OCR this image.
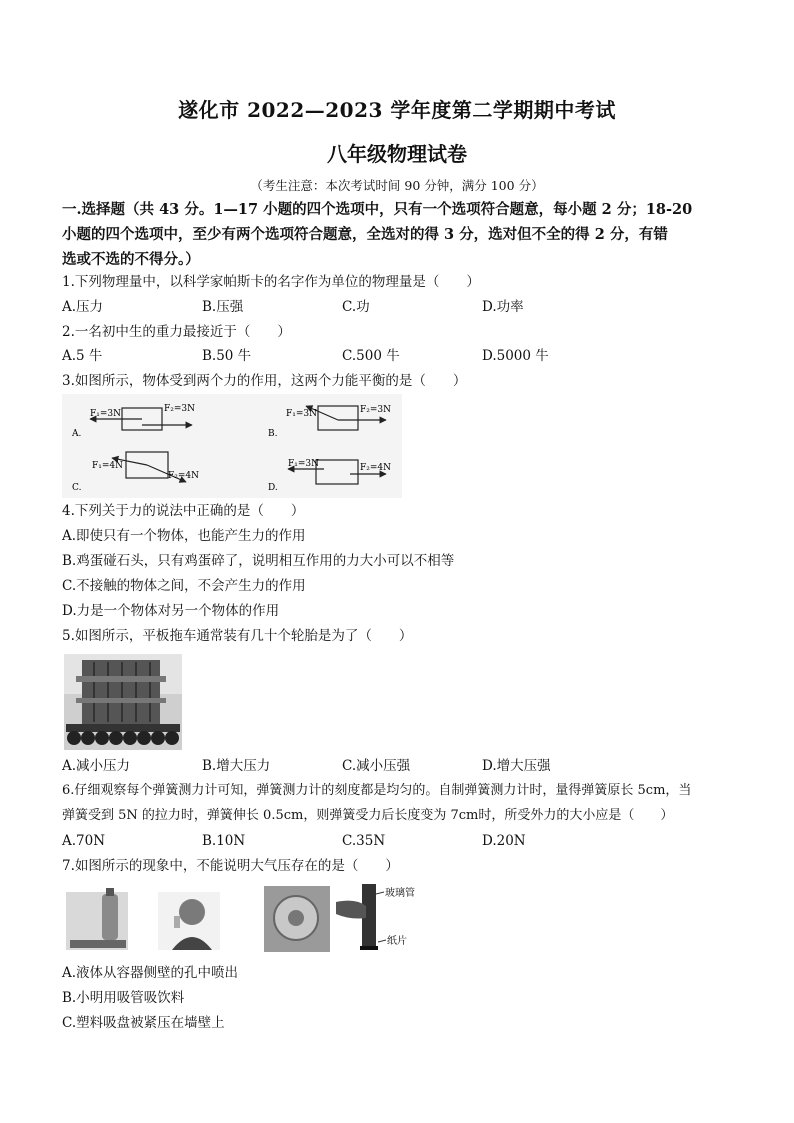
遂化市 2022—2023 学年度第二学期期中考试
八年级物理试卷
（考生注意：本次考试时间 90 分钟，满分 100 分）
一.选择题（共 43 分。1—17 小题的四个选项中，只有一个选项符合题意，每小题 2 分；18-20
小题的四个选项中，至少有两个选项符合题意，全选对的得 3 分，选对但不全的得 2 分，有错
选或不选的不得分。）
1.下列物理量中，以科学家帕斯卡的名字作为单位的物理量是（　　）
A.压力	B.压强	C.功	D.功率
2.一名初中生的重力最接近于（　　）
A.5 牛	B.50 牛	C.500 牛	D.5000 牛
3.如图所示，物体受到两个力的作用，这两个力能平衡的是（　　）
F₁=3N	F₂=3N
A.
F₁=3N	F₂=3N
B.
F₁=4N
F₂=4N
C.
F₁=3N	F₂=4N
D.
4.下列关于力的说法中正确的是（　　）
A.即使只有一个物体，也能产生力的作用
B.鸡蛋碰石头，只有鸡蛋碎了，说明相互作用的力大小可以不相等
C.不接触的物体之间，不会产生力的作用
D.力是一个物体对另一个物体的作用
5.如图所示，平板拖车通常装有几十个轮胎是为了（　　）
A.减小压力	B.增大压力	C.减小压强	D.增大压强
6.仔细观察每个弹簧测力计可知，弹簧测力计的刻度都是均匀的。自制弹簧测力计时，量得弹簧原长 5cm，当
弹簧受到 5N 的拉力时，弹簧伸长 0.5cm，则弹簧受力后长度变为 7cm时，所受外力的大小应是（　　）
A.70N	B.10N	C.35N	D.20N
7.如图所示的现象中，不能说明大气压存在的是（　　）
玻璃管
纸片
A.液体从容器侧壁的孔中喷出
B.小明用吸管吸饮料
C.塑料吸盘被紧压在墙壁上
